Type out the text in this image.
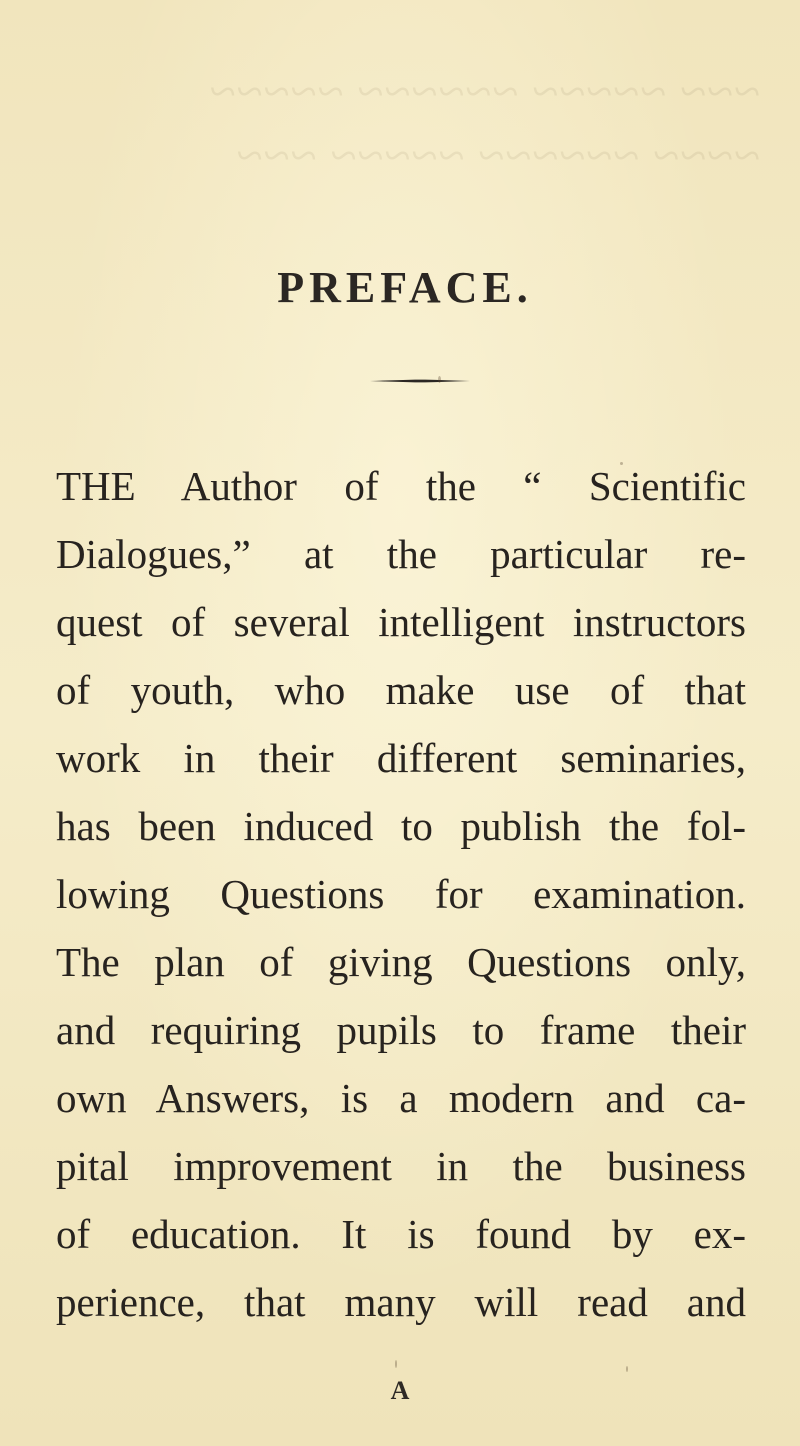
~~~ ~~~~~ ~~~~~~ ~~~~~
~~~~ ~~~~~~ ~~~~~ ~~~
PREFACE.
THE Author of the “ Scientific
Dialogues,” at the particular re-
quest of several intelligent instructors
of youth, who make use of that
work in their different seminaries,
has been induced to publish the fol-
lowing Questions for examination.
The plan of giving Questions only,
and requiring pupils to frame their
own Answers, is a modern and ca-
pital improvement in the business
of education. It is found by ex-
perience, that many will read and
A
